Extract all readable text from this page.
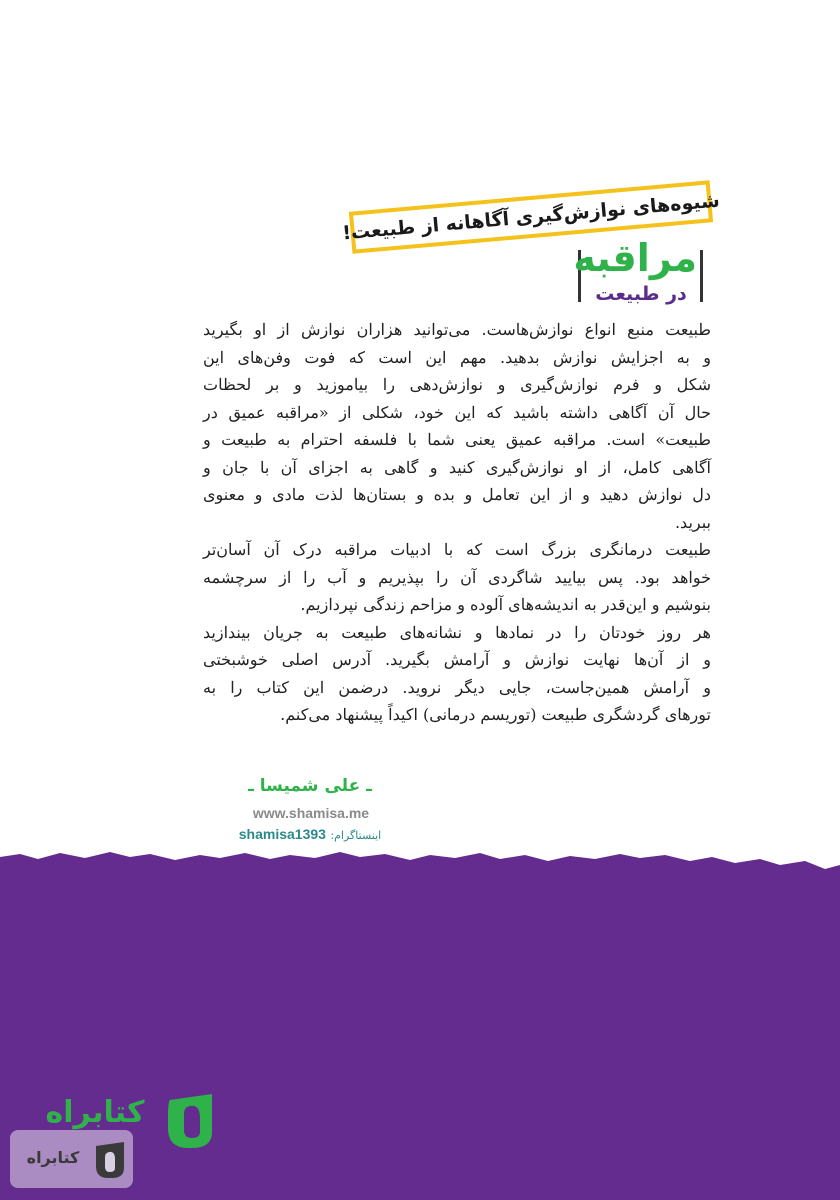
شیوه‌های نوازش‌گیری آگاهانه از طبیعت!
مراقبه
در طبیعت

طبیعت منبع انواع نوازش‌هاست. می‌توانید هزاران نوازش از او بگیرید
و به اجزایش نوازش بدهید. مهم این است که فوت وفن‌های این
شکل و فرم نوازش‌گیری و نوازش‌دهی را بیاموزید و بر لحظات
حال آن آگاهی داشته باشید که این خود، شکلی از «مراقبه عمیق در
طبیعت» است. مراقبه عمیق یعنی شما با فلسفه احترام به طبیعت و
آگاهی کامل، از او نوازش‌گیری کنید و گاهی به اجزای آن با جان و
دل نوازش دهید و از این تعامل و بده و بستان‌ها لذت مادی و معنوی
ببرید.

طبیعت درمانگری بزرگ است که با ادبیات مراقبه درک آن آسان‌تر
خواهد بود. پس بیایید شاگردی آن را بپذیریم و آب را از سرچشمه
بنوشیم و این‌قدر به اندیشه‌های آلوده و مزاحم زندگی نپردازیم.

هر روز خودتان را در نمادها و نشانه‌های طبیعت به جریان بیندازید
و از آن‌ها نهایت نوازش و آرامش بگیرید. آدرس اصلی خوشبختی
و آرامش همین‌جاست، جایی دیگر نروید. درضمن این کتاب را به
تورهای گردشگری طبیعت (توریسم درمانی) اکیداً پیشنهاد می‌کنم.

ـ علی شمیسا ـ
www.shamisa.me
اینستاگرام: shamisa1393
کتابراه
کتابراه
